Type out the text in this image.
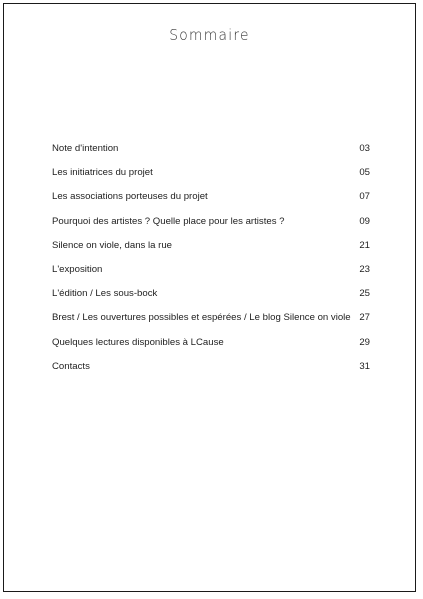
Sommaire
Note d'intention	03
Les initiatrices du projet	05
Les associations porteuses du projet	07
Pourquoi des artistes ? Quelle place pour les artistes ?	09
Silence on viole, dans la rue	21
L'exposition	23
L'édition / Les sous-bock	25
Brest / Les ouvertures possibles et espérées / Le blog Silence on viole 27
Quelques lectures disponibles à LCause	29
Contacts	31
